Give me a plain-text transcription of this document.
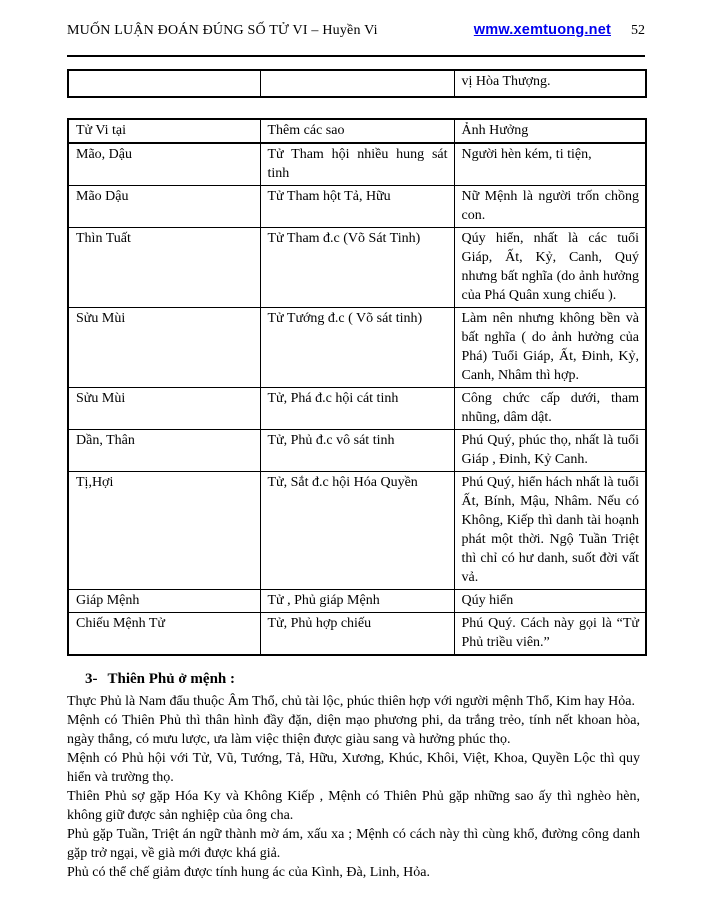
MUỐN LUẬN ĐOÁN ĐÚNG SỐ TỬ VI – Huyền Vi	wmw.xemtuong.net 52
		vị Hòa Thượng.
Tử Vi tại	Thêm các sao	Ảnh Hưởng
Mão, Dậu	Tử Tham hội nhiều hung sát tinh	Người hèn kém, ti tiện,
Mão Dậu	Tử Tham hột Tả, Hữu	Nữ Mệnh là người trốn chồng con.
Thìn Tuất	Tử Tham đ.c (Võ Sát Tinh)	Qúy hiển, nhất là các tuổi Giáp, Ất, Kỷ, Canh, Quý nhưng bất nghĩa (do ảnh hưởng của Phá Quân xung chiếu ).
Sửu Mùi	Tử Tướng đ.c ( Võ sát tinh)	Làm nên nhưng không bền và bất nghĩa ( do ảnh hưởng của Phá) Tuổi Giáp, Ất, Đinh, Kỷ, Canh, Nhâm thì hợp.
Sửu Mùi	Tử, Phá đ.c hội cát tinh	Công chức cấp dưới, tham nhũng, dâm dật.
Dần, Thân	Tử, Phủ đ.c vô sát tinh	Phú Quý, phúc thọ, nhất là tuổi Giáp , Đinh, Kỷ Canh.
Tị,Hợi	Tử, Sắt đ.c hội Hóa Quyền	Phú Quý, hiển hách nhất là tuổi Ất, Bính, Mậu, Nhâm. Nếu có Không, Kiếp thì danh tài hoạnh phát một thời. Ngộ Tuần Triệt thì chỉ có hư danh, suốt đời vất vả.
Giáp Mệnh	Tử , Phủ giáp Mệnh	Qúy hiển
Chiếu Mệnh Tử	Tử, Phủ hợp chiếu	Phú Quý. Cách này gọi là “Tử Phủ triều viên.”
3- Thiên Phủ ở mệnh :

Thực Phủ là Nam đẩu thuộc Âm Thổ, chủ tài lộc, phúc thiên hợp với người mệnh Thổ, Kim hay Hỏa.

Mệnh có Thiên Phủ thì thân hình đầy đặn, diện mạo phương phi, da trắng trẻo, tính nết khoan hòa, ngày thẳng, có mưu lược, ưa làm việc thiện được giàu sang và hưởng phúc thọ.

Mệnh có Phủ hội với Tử, Vũ, Tướng, Tả, Hữu, Xương, Khúc, Khôi, Việt, Khoa, Quyền Lộc thì quy hiển và trường thọ.

Thiên Phủ sợ gặp Hóa Ky và Không Kiếp , Mệnh có Thiên Phủ gặp những sao ấy thì nghèo hèn, không giữ được sản nghiệp của ông cha.

Phủ gặp Tuần, Triệt án ngữ thành mờ ám, xấu xa ; Mệnh có cách này thì cùng khổ, đường công danh gặp trở ngại, về già mới được khá giả.

Phủ có thể chế giảm được tính hung ác của Kình, Đà, Linh, Hỏa.
